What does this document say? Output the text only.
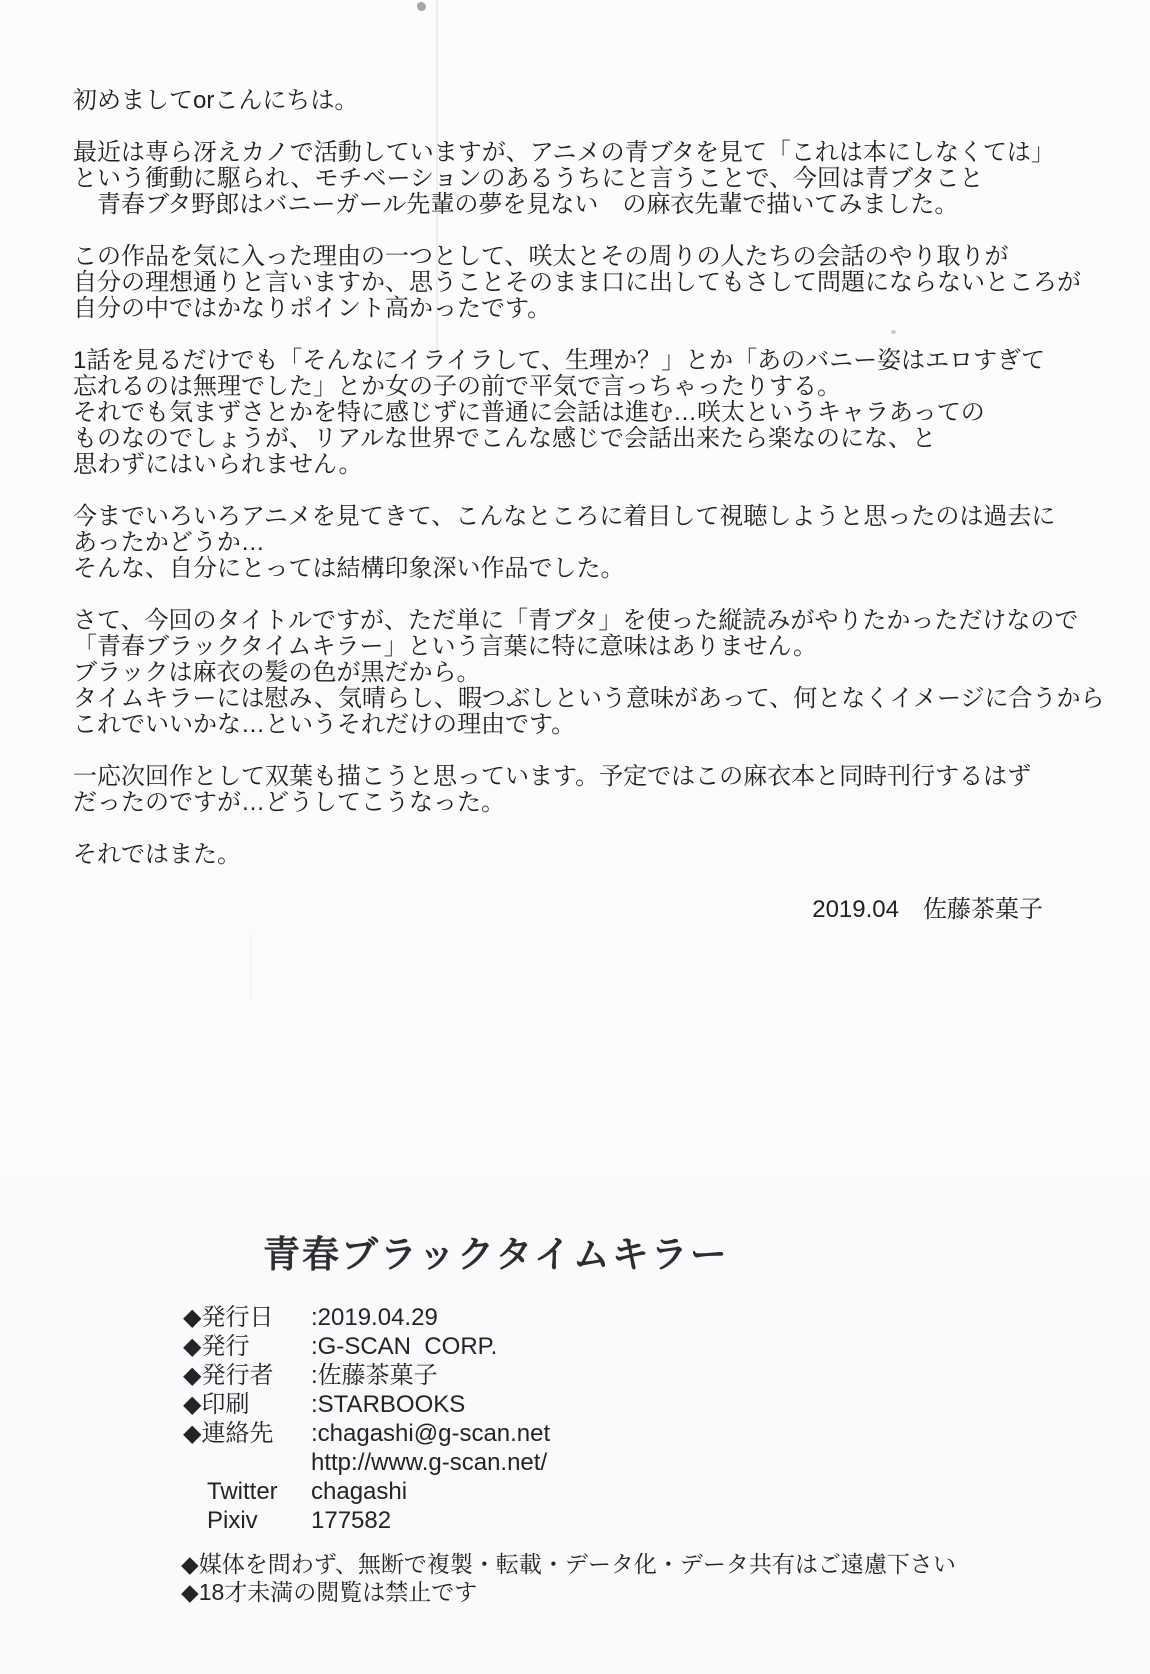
初めましてorこんにちは。
最近は専ら冴えカノで活動していますが、アニメの青ブタを見て「これは本にしなくては」
という衝動に駆られ、モチベーションのあるうちにと言うことで、今回は青ブタこと
　青春ブタ野郎はバニーガール先輩の夢を見ない　の麻衣先輩で描いてみました。
この作品を気に入った理由の一つとして、咲太とその周りの人たちの会話のやり取りが
自分の理想通りと言いますか、思うことそのまま口に出してもさして問題にならないところが
自分の中ではかなりポイント高かったです。
1話を見るだけでも「そんなにイライラして、生理か？」とか「あのバニー姿はエロすぎて
忘れるのは無理でした」とか女の子の前で平気で言っちゃったりする。
それでも気まずさとかを特に感じずに普通に会話は進む…咲太というキャラあっての
ものなのでしょうが、リアルな世界でこんな感じで会話出来たら楽なのにな、と
思わずにはいられません。
今までいろいろアニメを見てきて、こんなところに着目して視聴しようと思ったのは過去に
あったかどうか…
そんな、自分にとっては結構印象深い作品でした。
さて、今回のタイトルですが、ただ単に「青ブタ」を使った縦読みがやりたかっただけなので
「青春ブラックタイムキラー」という言葉に特に意味はありません。
ブラックは麻衣の髪の色が黒だから。
タイムキラーには慰み、気晴らし、暇つぶしという意味があって、何となくイメージに合うから
これでいいかな…というそれだけの理由です。
一応次回作として双葉も描こうと思っています。予定ではこの麻衣本と同時刊行するはず
だったのですが…どうしてこうなった。
それではまた。
2019.04　佐藤茶菓子
青春ブラックタイムキラー
◆発行日	:2019.04.29
◆発行	:G-SCAN  CORP.
◆発行者	:佐藤茶菓子
◆印刷	:STARBOOKS
◆連絡先	:chagashi@g-scan.net
http://www.g-scan.net/
　Twitter	chagashi
　Pixiv	177582
◆媒体を問わず、無断で複製・転載・データ化・データ共有はご遠慮下さい
◆18才未満の閲覧は禁止です
